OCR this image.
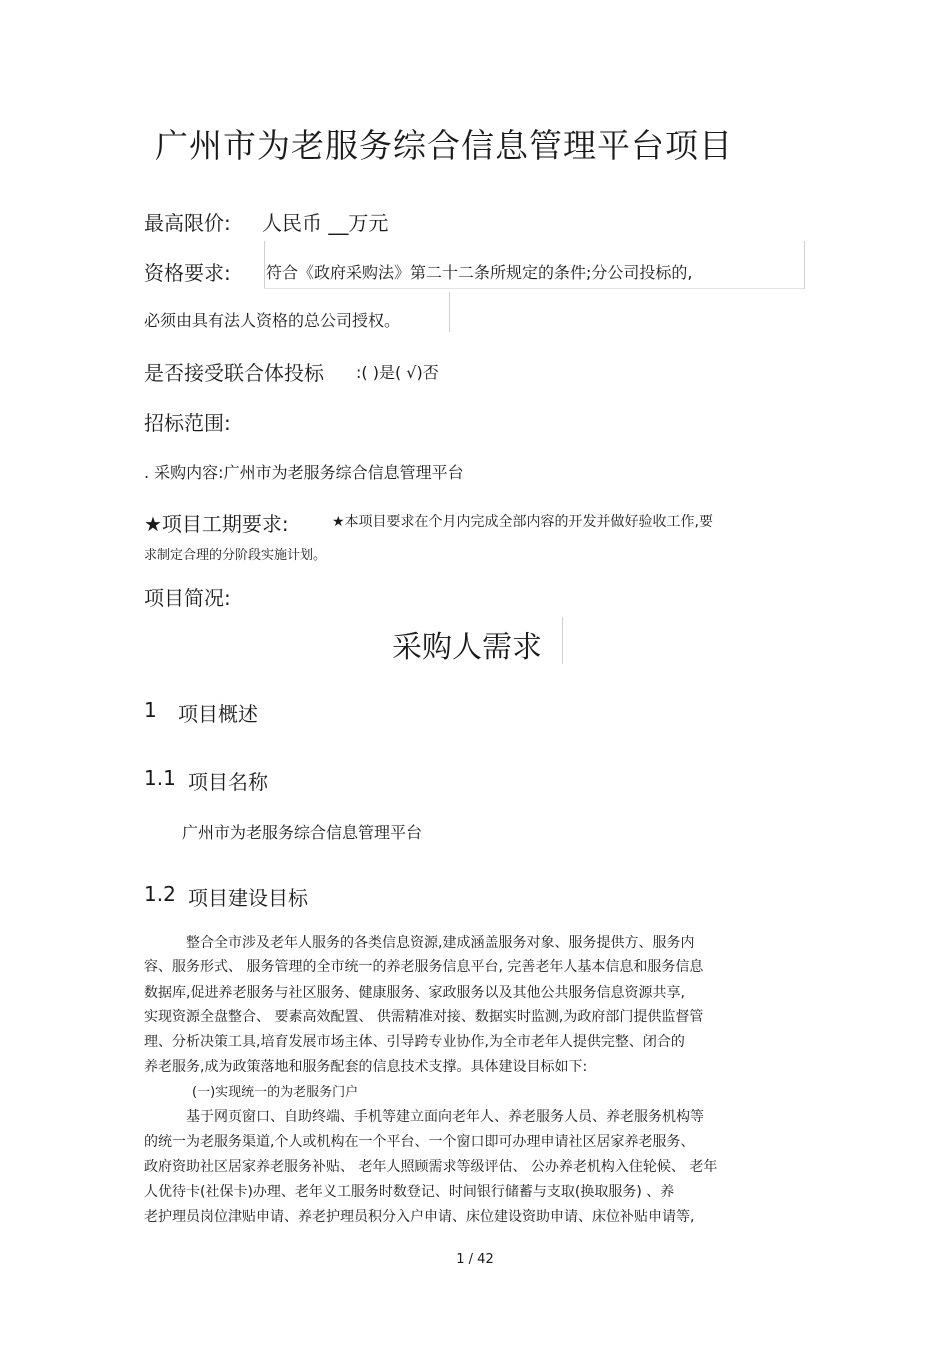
广州市为老服务综合信息管理平台项目
最高限价: 人民币 __万元
资格要求: 符合《政府采购法》第二十二条所规定的条件;分公司投标的,
必须由具有法人资格的总公司授权。
是否接受联合体投标 :( )是( √)否
招标范围:
. 采购内容:广州市为老服务综合信息管理平台
★项目工期要求:	★本项目要求在个月内完成全部内容的开发并做好验收工作,要
求制定合理的分阶段实施计划。
项目简况:
采购人需求
1 项目概述
1.1 项目名称
广州市为老服务综合信息管理平台
1.2 项目建设目标
整合全市涉及老年人服务的各类信息资源,建成涵盖服务对象、服务提供方、服务内
容、服务形式、 服务管理的全市统一的养老服务信息平台, 完善老年人基本信息和服务信息
数据库,促进养老服务与社区服务、健康服务、家政服务以及其他公共服务信息资源共享,
实现资源全盘整合、 要素高效配置、 供需精准对接、数据实时监测,为政府部门提供监督管
理、分析决策工具,培育发展市场主体、引导跨专业协作,为全市老年人提供完整、闭合的
养老服务,成为政策落地和服务配套的信息技术支撑。具体建设目标如下:
(一)实现统一的为老服务门户
基于网页窗口、自助终端、手机等建立面向老年人、养老服务人员、养老服务机构等
的统一为老服务渠道,个人或机构在一个平台、一个窗口即可办理申请社区居家养老服务、
政府资助社区居家养老服务补贴、 老年人照顾需求等级评估、 公办养老机构入住轮候、 老年
人优待卡(社保卡)办理、老年义工服务时数登记、时间银行储蓄与支取(换取服务) 、养
老护理员岗位津贴申请、养老护理员积分入户申请、床位建设资助申请、床位补贴申请等,
1 / 42
